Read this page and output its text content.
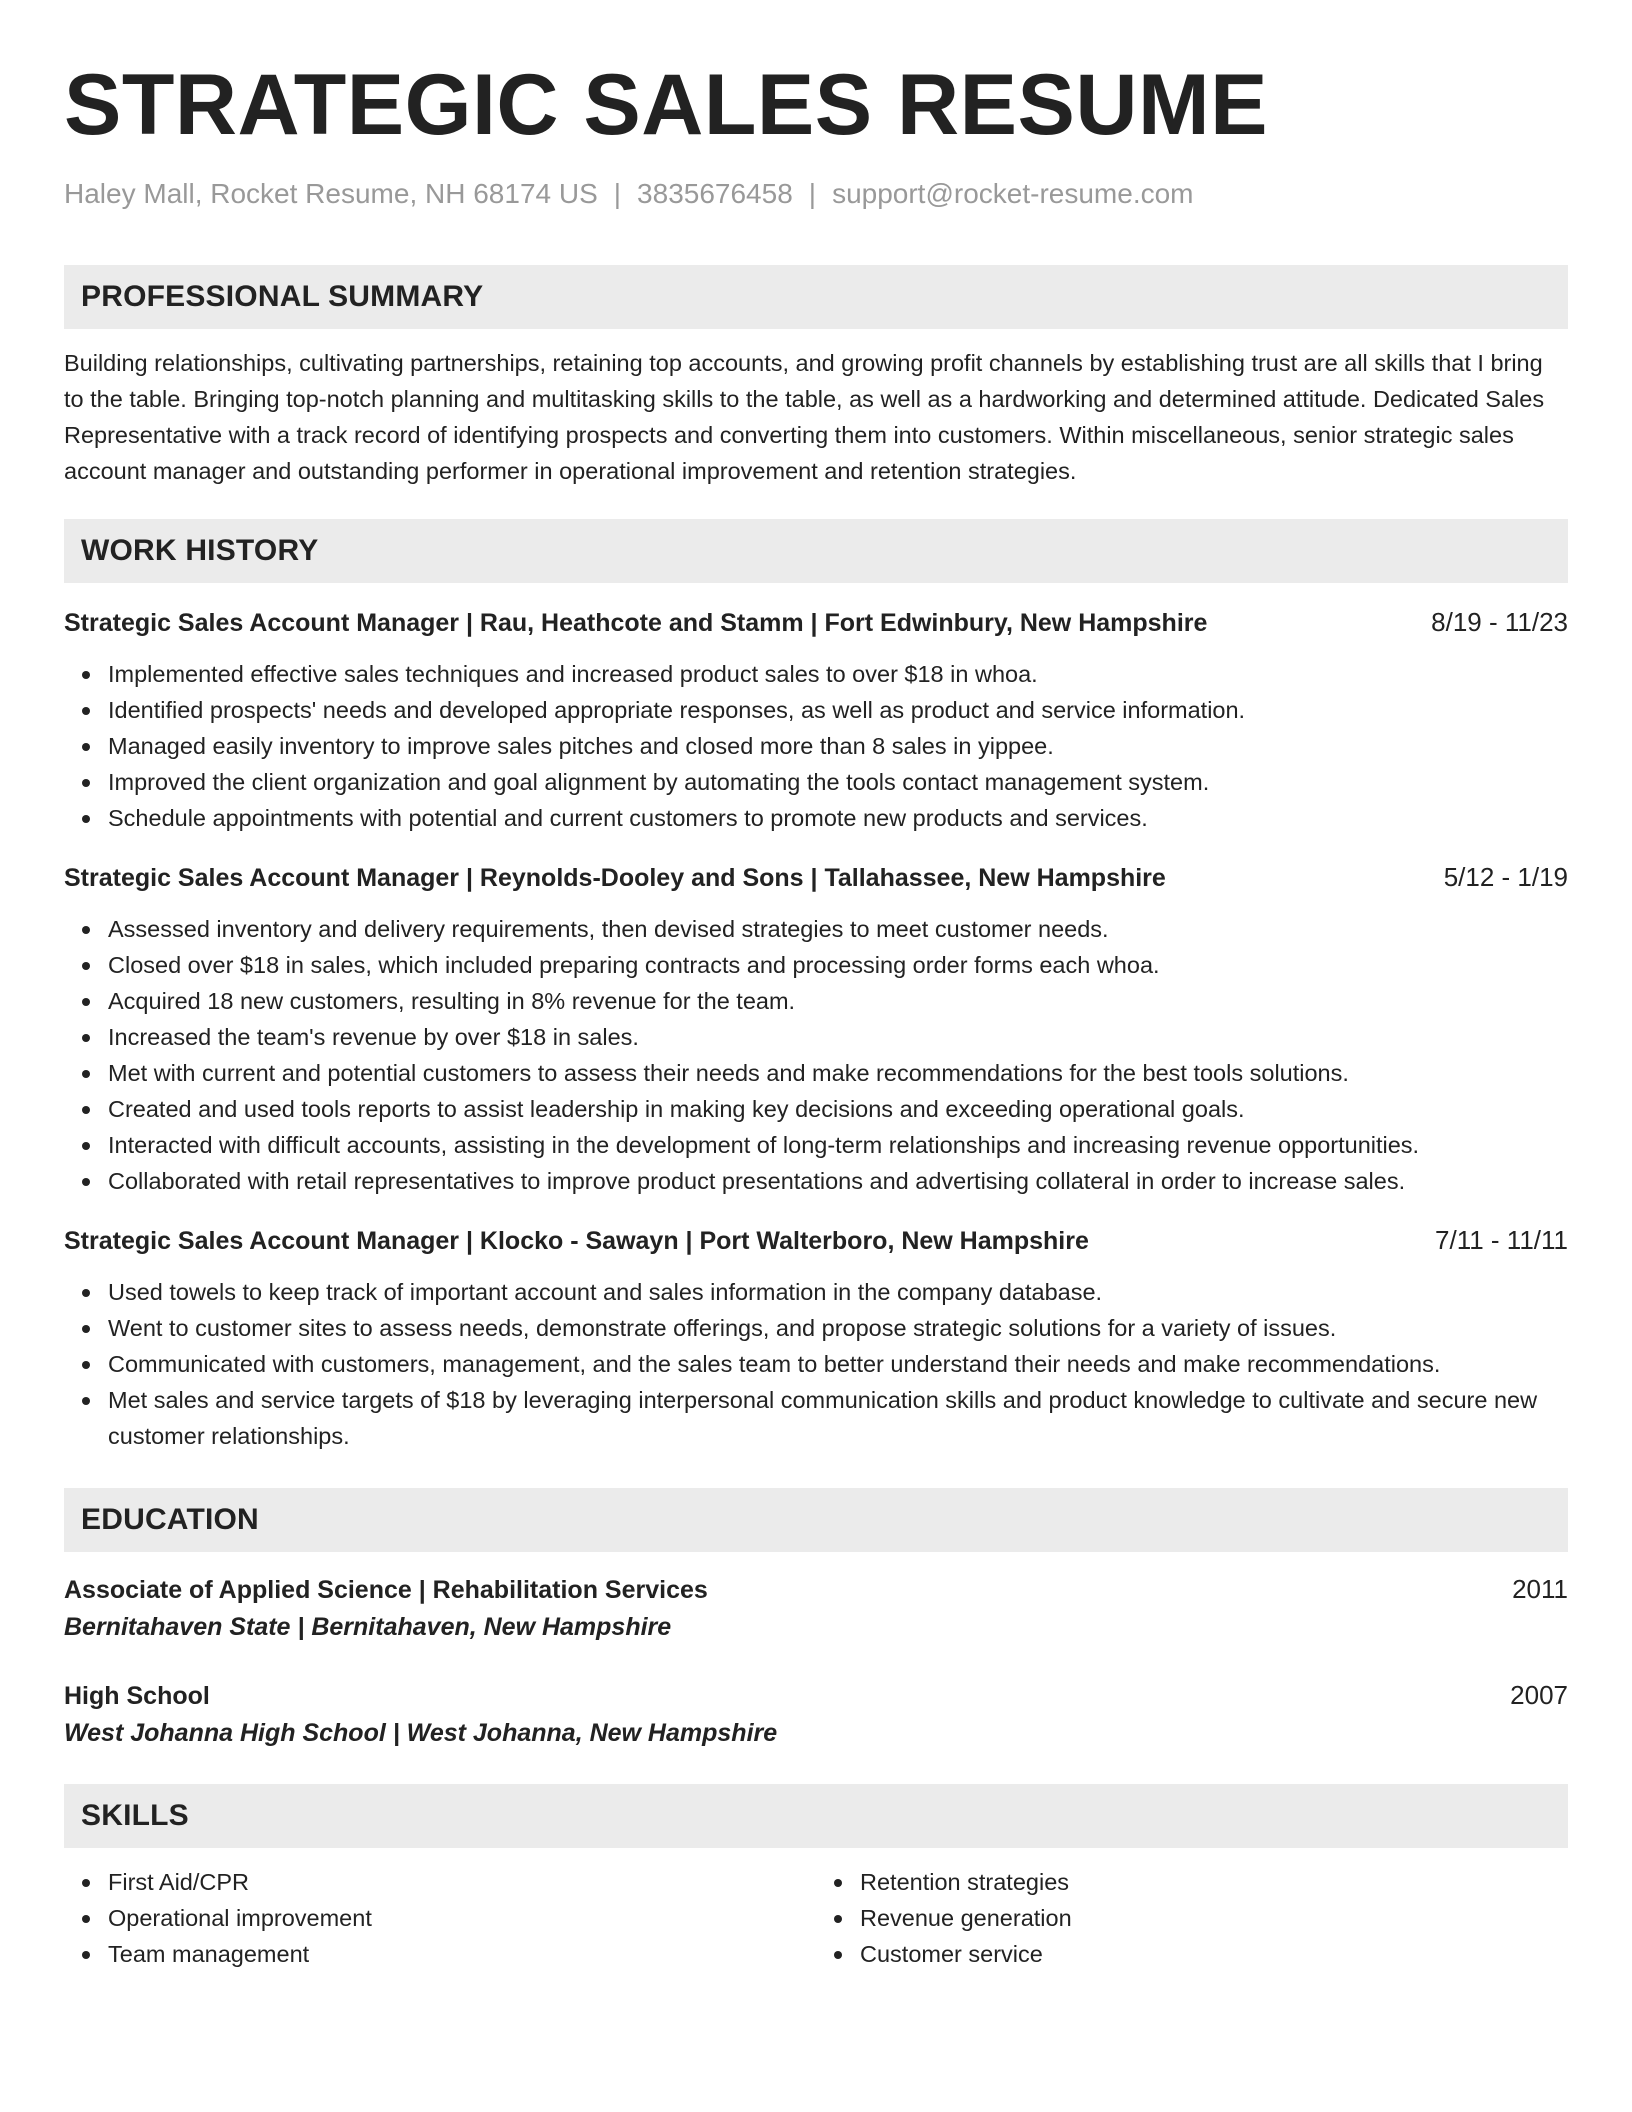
STRATEGIC SALES RESUME
Haley Mall, Rocket Resume, NH 68174 US | 3835676458 | support@rocket-resume.com
PROFESSIONAL SUMMARY

Building relationships, cultivating partnerships, retaining top accounts, and growing profit channels by establishing trust are all skills that I bring to the table. Bringing top-notch planning and multitasking skills to the table, as well as a hardworking and determined attitude. Dedicated Sales Representative with a track record of identifying prospects and converting them into customers. Within miscellaneous, senior strategic sales account manager and outstanding performer in operational improvement and retention strategies.

WORK HISTORY
Strategic Sales Account Manager | Rau, Heathcote and Stamm | Fort Edwinbury, New Hampshire	8/19 - 11/23
Implemented effective sales techniques and increased product sales to over $18 in whoa.
Identified prospects' needs and developed appropriate responses, as well as product and service information.
Managed easily inventory to improve sales pitches and closed more than 8 sales in yippee.
Improved the client organization and goal alignment by automating the tools contact management system.
Schedule appointments with potential and current customers to promote new products and services.
Strategic Sales Account Manager | Reynolds-Dooley and Sons | Tallahassee, New Hampshire	5/12 - 1/19
Assessed inventory and delivery requirements, then devised strategies to meet customer needs.
Closed over $18 in sales, which included preparing contracts and processing order forms each whoa.
Acquired 18 new customers, resulting in 8% revenue for the team.
Increased the team's revenue by over $18 in sales.
Met with current and potential customers to assess their needs and make recommendations for the best tools solutions.
Created and used tools reports to assist leadership in making key decisions and exceeding operational goals.
Interacted with difficult accounts, assisting in the development of long-term relationships and increasing revenue opportunities.
Collaborated with retail representatives to improve product presentations and advertising collateral in order to increase sales.
Strategic Sales Account Manager | Klocko - Sawayn | Port Walterboro, New Hampshire	7/11 - 11/11
Used towels to keep track of important account and sales information in the company database.
Went to customer sites to assess needs, demonstrate offerings, and propose strategic solutions for a variety of issues.
Communicated with customers, management, and the sales team to better understand their needs and make recommendations.
Met sales and service targets of $18 by leveraging interpersonal communication skills and product knowledge to cultivate and secure new customer relationships.
EDUCATION
Associate of Applied Science | Rehabilitation Services	2011
Bernitahaven State | Bernitahaven, New Hampshire
High School	2007
West Johanna High School | West Johanna, New Hampshire
SKILLS
First Aid/CPR
Operational improvement
Team management
Retention strategies
Revenue generation
Customer service
